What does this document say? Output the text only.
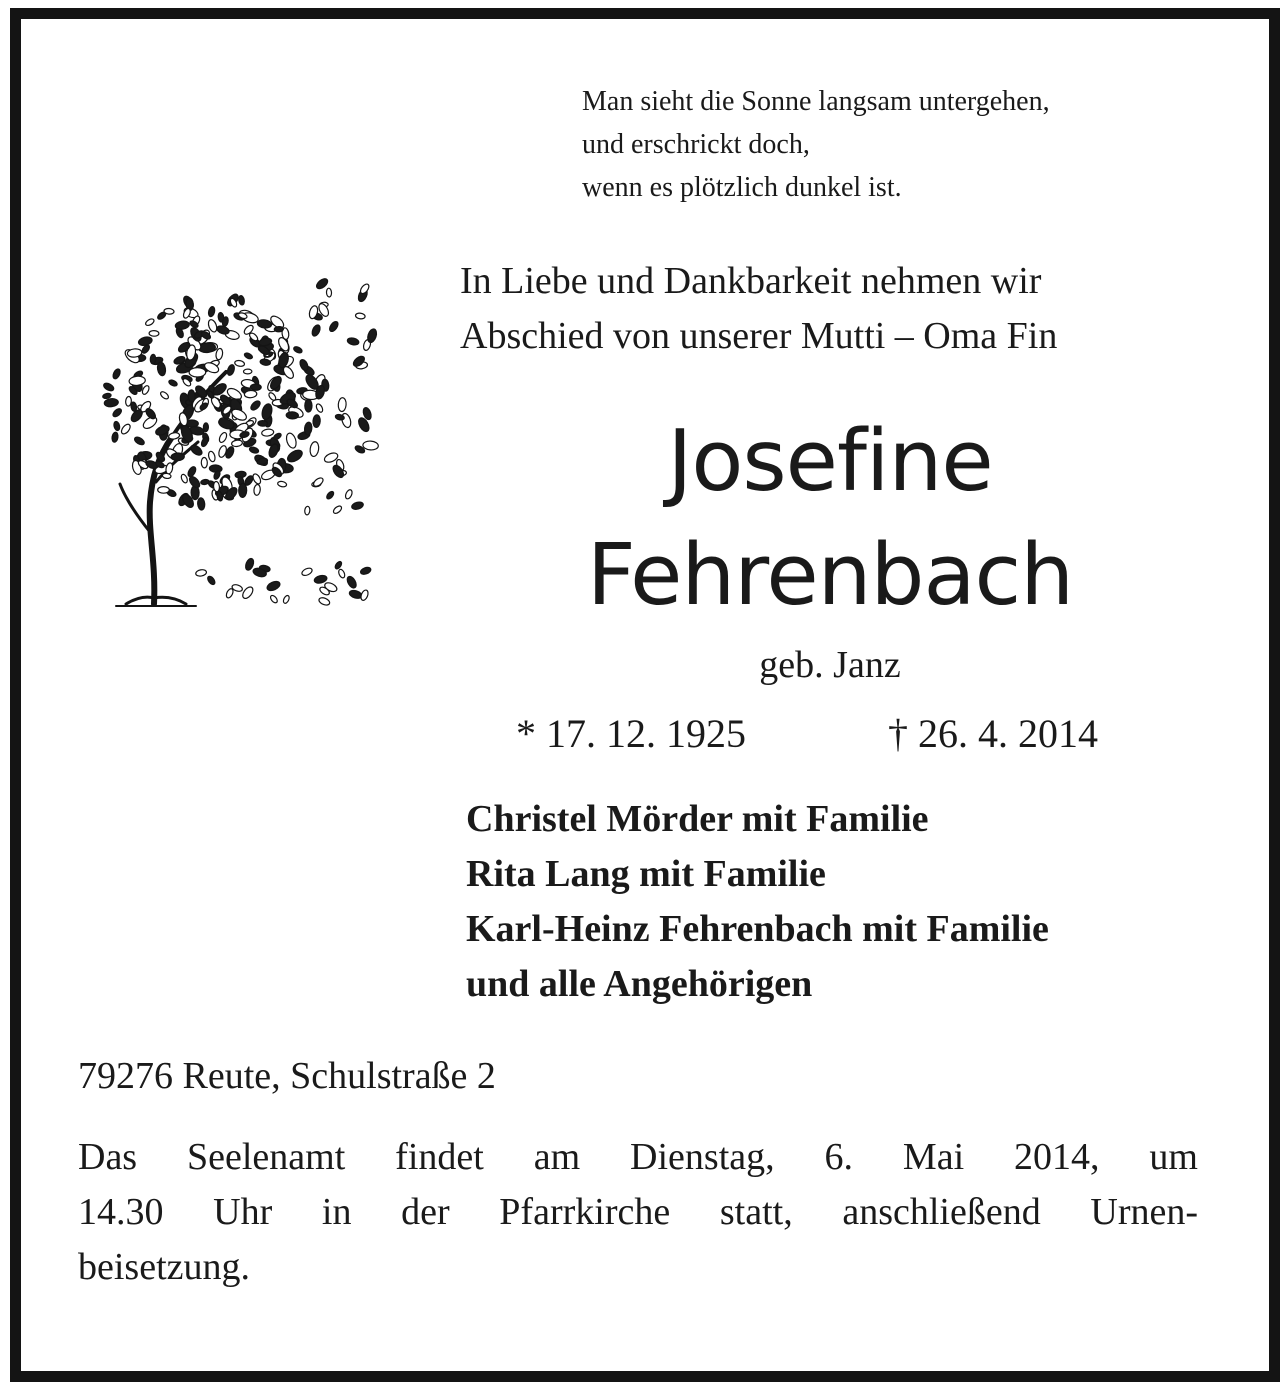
Man sieht die Sonne langsam untergehen,
und erschrickt doch,
wenn es plötzlich dunkel ist.
In Liebe und Dankbarkeit nehmen wir
Abschied von unserer Mutti – Oma Fin
Josefine
Fehrenbach
geb. Janz
* 17. 12. 1925	† 26. 4. 2014
Christel Mörder mit Familie
Rita Lang mit Familie
Karl-Heinz Fehrenbach mit Familie
und alle Angehörigen
79276 Reute, Schulstraße 2
Das Seelenamt findet am Dienstag, 6. Mai 2014, um
14.30 Uhr in der Pfarrkirche statt, anschließend Urnen-
beisetzung.
